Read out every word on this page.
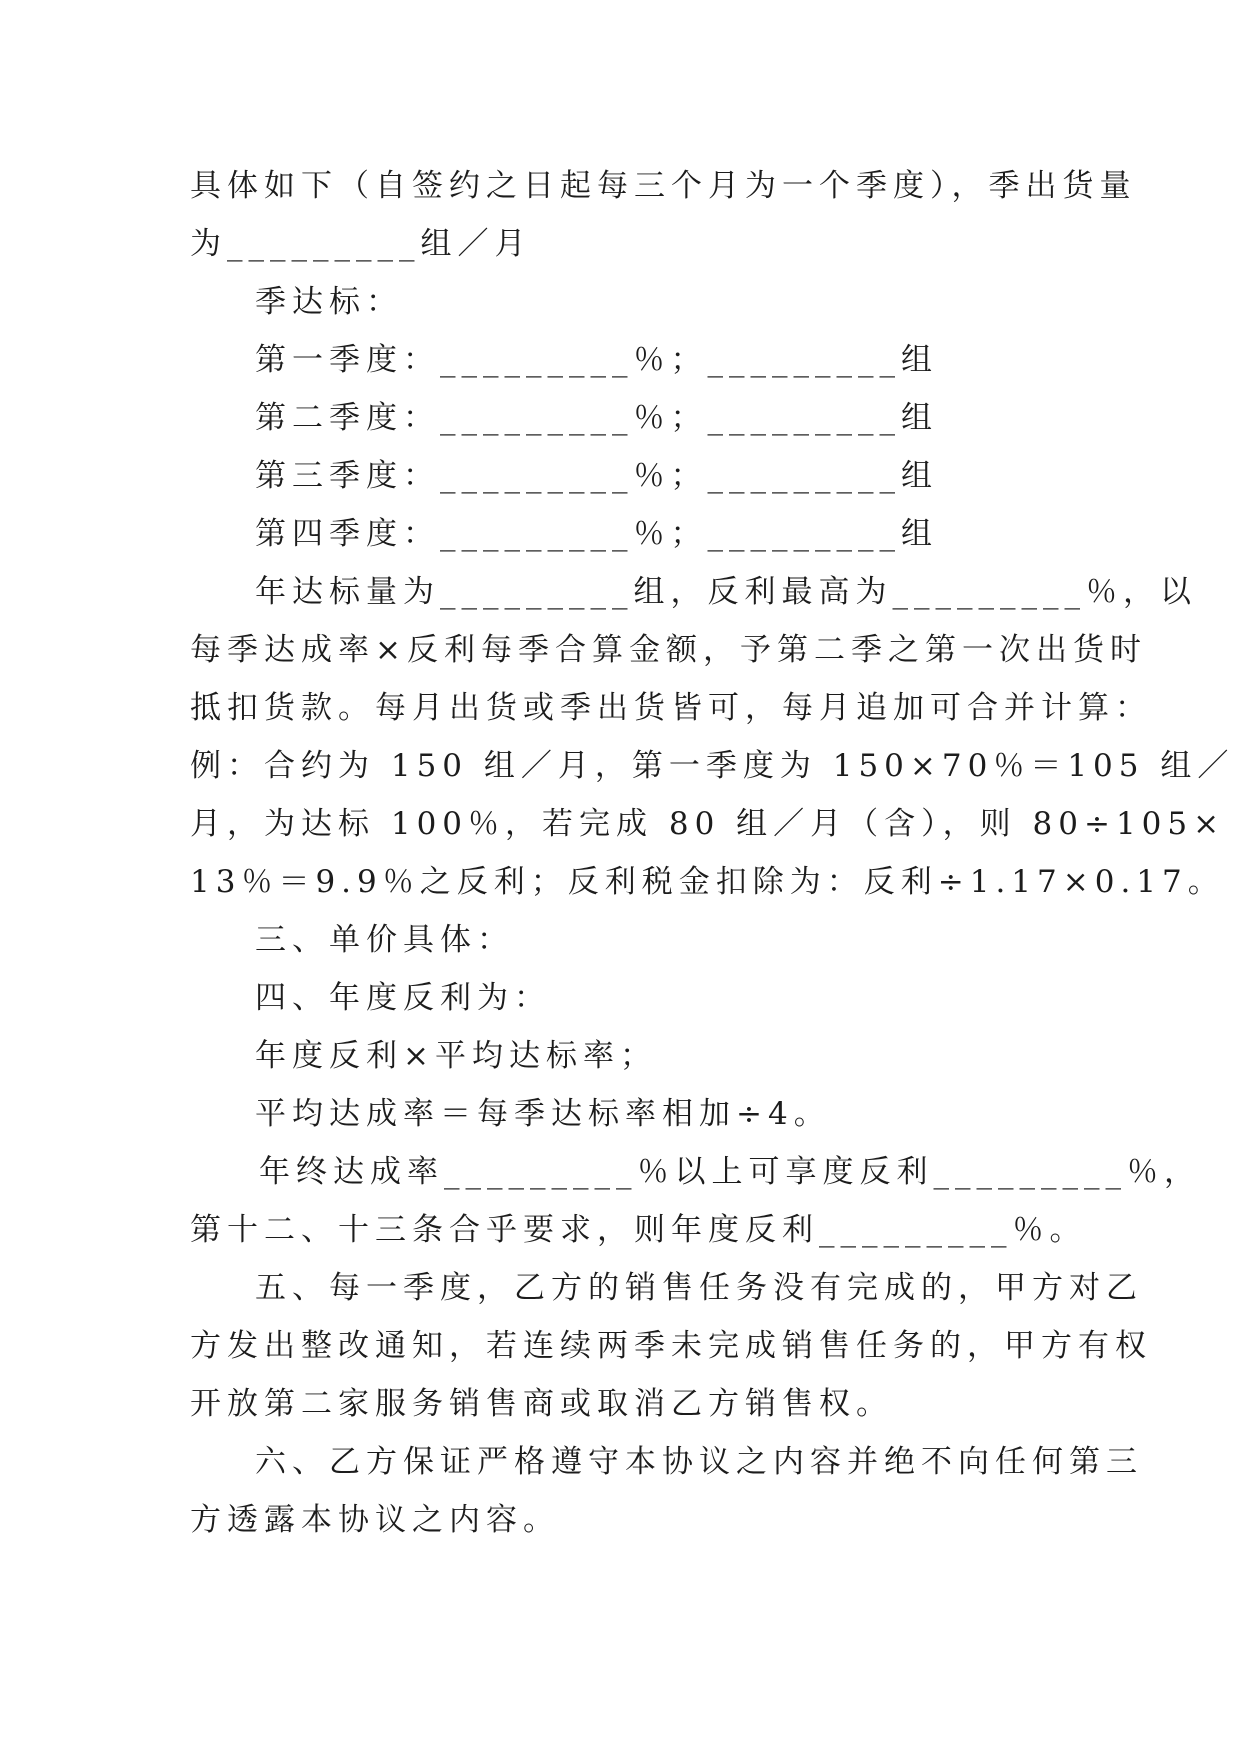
具体如下（自签约之日起每三个月为一个季度），季出货量
为_________组／月
季达标：
第一季度：_________％；_________组
第二季度：_________％；_________组
第三季度：_________％；_________组
第四季度：_________％；_________组
年达标量为_________组，反利最高为_________％，以
每季达成率×反利每季合算金额，予第二季之第一次出货时
抵扣货款。每月出货或季出货皆可，每月追加可合并计算：
例：合约为 150 组／月，第一季度为 150×70％＝105 组／
月，为达标 100％，若完成 80 组／月（含），则 80÷105×
13％＝9.9％之反利；反利税金扣除为：反利÷1.17×0.17。
三、单价具体：
四、年度反利为：
年度反利×平均达标率；
平均达成率＝每季达标率相加÷4。
年终达成率_________％以上可享度反利_________％，
第十二、十三条合乎要求，则年度反利_________％。
五、每一季度，乙方的销售任务没有完成的，甲方对乙
方发出整改通知，若连续两季未完成销售任务的，甲方有权
开放第二家服务销售商或取消乙方销售权。
六、乙方保证严格遵守本协议之内容并绝不向任何第三
方透露本协议之内容。
